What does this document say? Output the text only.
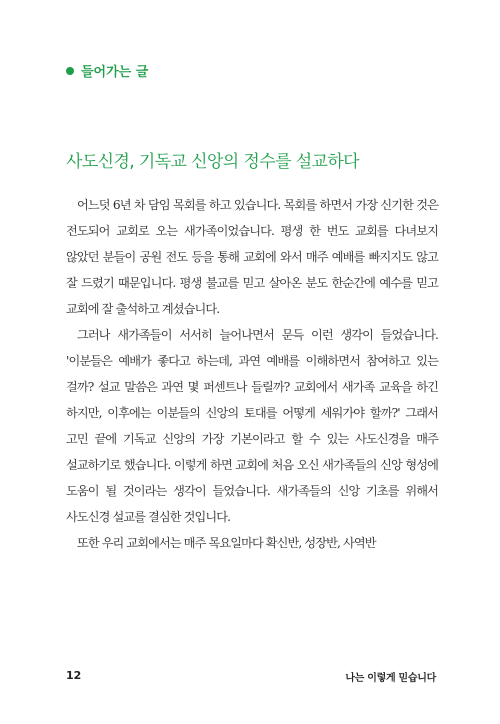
들어가는 글
사도신경, 기독교 신앙의 정수를 설교하다

어느덧 6년 차 담임 목회를 하고 있습니다. 목회를 하면서 가장 신기한 것은 전도되어 교회로 오는 새가족이었습니다. 평생 한 번도 교회를 다녀보지 않았던 분들이 공원 전도 등을 통해 교회에 와서 매주 예배를 빠지지도 않고 잘 드렸기 때문입니다. 평생 불교를 믿고 살아온 분도 한순간에 예수를 믿고 교회에 잘 출석하고 계셨습니다.

그러나 새가족들이 서서히 늘어나면서 문득 이런 생각이 들었습니다. '이분들은 예배가 좋다고 하는데, 과연 예배를 이해하면서 참여하고 있는 걸까? 설교 말씀은 과연 몇 퍼센트나 들릴까? 교회에서 새가족 교육을 하긴 하지만, 이후에는 이분들의 신앙의 토대를 어떻게 세워가야 할까?' 그래서 고민 끝에 기독교 신앙의 가장 기본이라고 할 수 있는 사도신경을 매주 설교하기로 했습니다. 이렇게 하면 교회에 처음 오신 새가족들의 신앙 형성에 도움이 될 것이라는 생각이 들었습니다. 새가족들의 신앙 기초를 위해서 사도신경 설교를 결심한 것입니다.

또한 우리 교회에서는 매주 목요일마다 확신반, 성장반, 사역반

12	나는 이렇게 믿습니다
